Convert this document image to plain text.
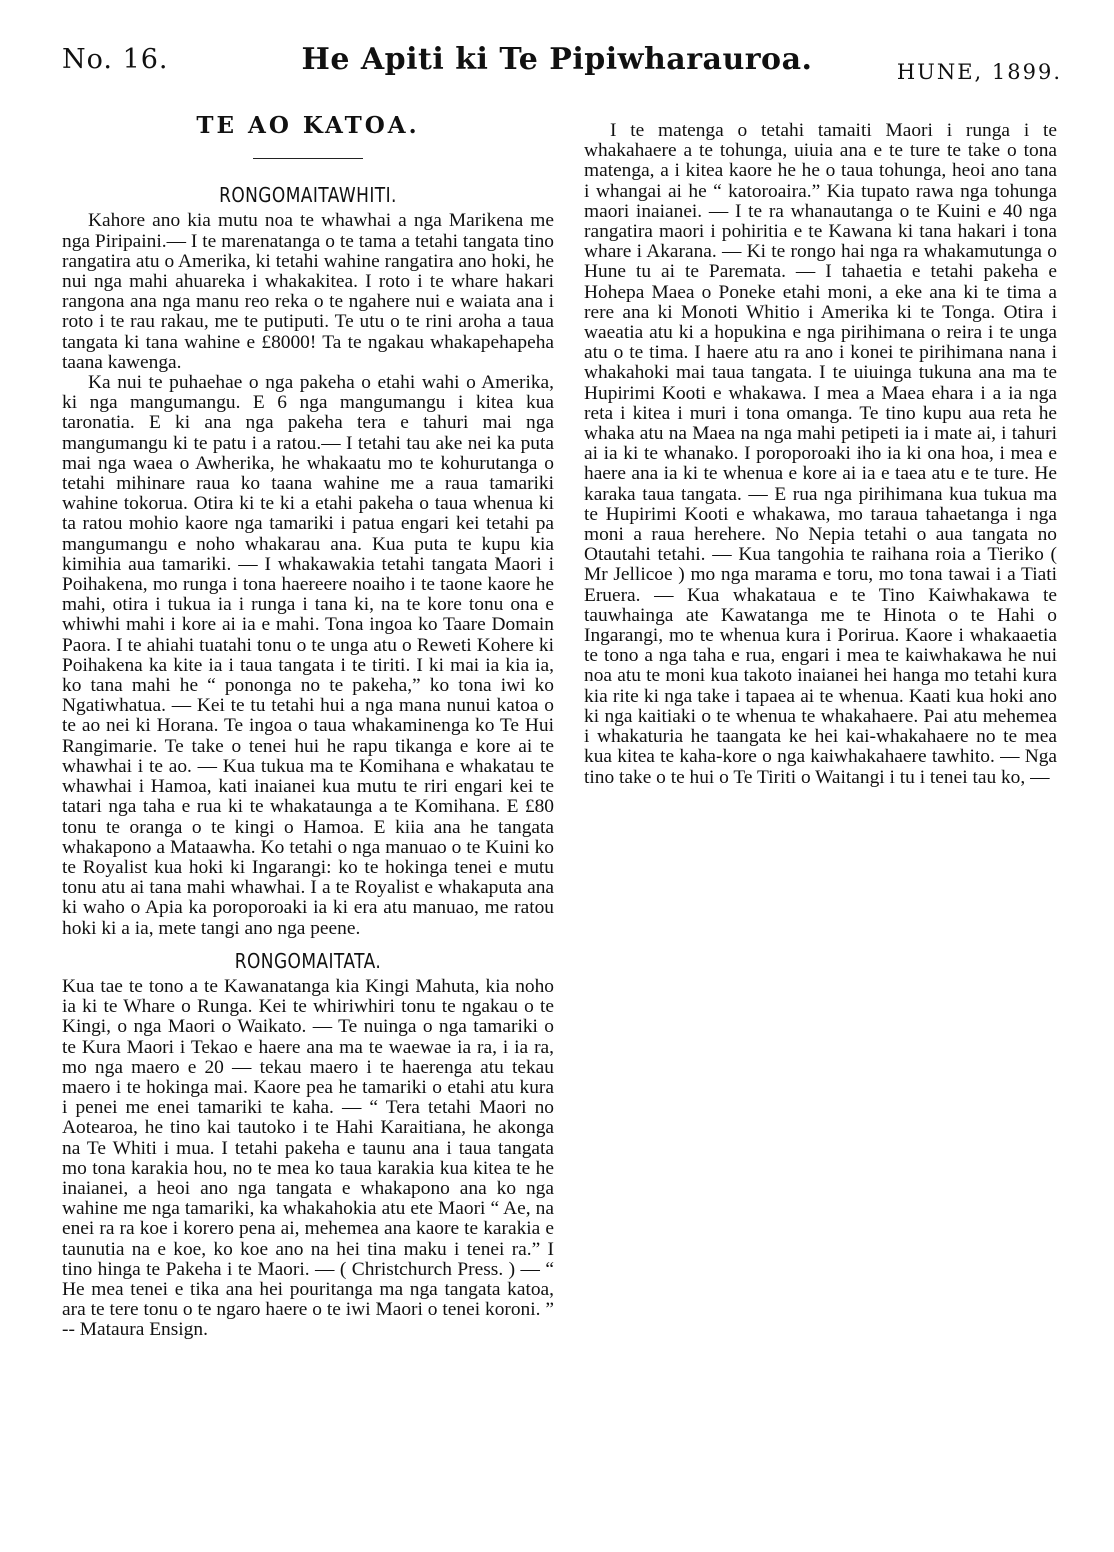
No. 16.	He Apiti ki Te Pipiwharauroa.	HUNE, 1899.
TE AO KATOA.
RONGOMAITAWHITI.

Kahore ano kia mutu noa te whawhai a nga Marikena me nga Piripaini.— I te marenatanga o te tama a tetahi tangata tino rangatira atu o Amerika, ki tetahi wahine rangatira ano hoki, he nui nga mahi ahuareka i whakakitea. I roto i te whare hakari rangona ana nga manu reo reka o te ngahere nui e waiata ana i roto i te rau rakau, me te putiputi. Te utu o te rini aroha a taua tangata ki tana wahine e £8000! Ta te ngakau whakapehapeha taana kawenga.

Ka nui te puhaehae o nga pakeha o etahi wahi o Amerika, ki nga mangumangu. E 6 nga mangumangu i kitea kua taronatia. E ki ana nga pakeha tera e tahuri mai nga mangumangu ki te patu i a ratou.— I tetahi tau ake nei ka puta mai nga waea o Awherika, he whakaatu mo te kohurutanga o tetahi mihinare raua ko taana wahine me a raua tamariki wahine tokorua. Otira ki te ki a etahi pakeha o taua whenua ki ta ratou mohio kaore nga tamariki i patua engari kei tetahi pa mangumangu e noho whakarau ana. Kua puta te kupu kia kimihia aua tamariki. — I whakawakia tetahi tangata Maori i Poihakena, mo runga i tona haereere noaiho i te taone kaore he mahi, otira i tukua ia i runga i tana ki, na te kore tonu ona e whiwhi mahi i kore ai ia e mahi. Tona ingoa ko Taare Domain Paora. I te ahiahi tuatahi tonu o te unga atu o Reweti Kohere ki Poihakena ka kite ia i taua tangata i te tiriti. I ki mai ia kia ia, ko tana mahi he “ pononga no te pakeha,” ko tona iwi ko Ngatiwhatua. — Kei te tu tetahi hui a nga mana nunui katoa o te ao nei ki Horana. Te ingoa o taua whakaminenga ko Te Hui Rangimarie. Te take o tenei hui he rapu tikanga e kore ai te whawhai i te ao. — Kua tukua ma te Komihana e whakatau te whawhai i Hamoa, kati inaianei kua mutu te riri engari kei te tatari nga taha e rua ki te whakataunga a te Komihana. E £80 tonu te oranga o te kingi o Hamoa. E kiia ana he tangata whakapono a Mataawha. Ko tetahi o nga manuao o te Kuini ko te Royalist kua hoki ki Ingarangi: ko te hokinga tenei e mutu tonu atu ai tana mahi whawhai. I a te Royalist e whakaputa ana ki waho o Apia ka poroporoaki ia ki era atu manuao, me ratou hoki ki a ia, mete tangi ano nga peene.

RONGOMAITATA.

Kua tae te tono a te Kawanatanga kia Kingi Mahuta, kia noho ia ki te Whare o Runga. Kei te whiriwhiri tonu te ngakau o te Kingi, o nga Maori o Waikato. — Te nuinga o nga tamariki o te Kura Maori i Tekao e haere ana ma te waewae ia ra, i ia ra, mo nga maero e 20 — tekau maero i te haerenga atu tekau maero i te hokinga mai. Kaore pea he tamariki o etahi atu kura i penei me enei tamariki te kaha. — “ Tera tetahi Maori no Aotearoa, he tino kai tautoko i te Hahi Karaitiana, he akonga na Te Whiti i mua. I tetahi pakeha e taunu ana i taua tangata mo tona karakia hou, no te mea ko taua karakia kua kitea te he inaianei, a heoi ano nga tangata e whakapono ana ko nga wahine me nga tamariki, ka whakahokia atu ete Maori “ Ae, na enei ra ra koe i korero pena ai, mehemea ana kaore te karakia e taunutia na e koe, ko koe ano na hei tina maku i tenei ra.” I tino hinga te Pakeha i te Maori. — ( Christchurch Press. ) — “ He mea tenei e tika ana hei pouritanga ma nga tangata katoa, ara te tere tonu o te ngaro haere o te iwi Maori o tenei koroni. ” -- Mataura Ensign.

I te matenga o tetahi tamaiti Maori i runga i te whakahaere a te tohunga, uiuia ana e te ture te take o tona matenga, a i kitea kaore he he o taua tohunga, heoi ano tana i whangai ai he “ katoroaira.” Kia tupato rawa nga tohunga maori inaianei. — I te ra whanautanga o te Kuini e 40 nga rangatira maori i pohiritia e te Kawana ki tana hakari i tona whare i Akarana. — Ki te rongo hai nga ra whakamutunga o Hune tu ai te Paremata. — I tahaetia e tetahi pakeha e Hohepa Maea o Poneke etahi moni, a eke ana ki te tima a rere ana ki Monoti Whitio i Amerika ki te Tonga. Otira i waeatia atu ki a hopukina e nga pirihimana o reira i te unga atu o te tima. I haere atu ra ano i konei te pirihimana nana i whakahoki mai taua tangata. I te uiuinga tukuna ana ma te Hupirimi Kooti e whakawa. I mea a Maea ehara i a ia nga reta i kitea i muri i tona omanga. Te tino kupu aua reta he whaka atu na Maea na nga mahi petipeti ia i mate ai, i tahuri ai ia ki te whanako. I poroporoaki iho ia ki ona hoa, i mea e haere ana ia ki te whenua e kore ai ia e taea atu e te ture. He karaka taua tangata. — E rua nga pirihimana kua tukua ma te Hupirimi Kooti e whakawa, mo taraua tahaetanga i nga moni a raua herehere. No Nepia tetahi o aua tangata no Otautahi tetahi. — Kua tangohia te raihana roia a Tieriko ( Mr Jellicoe ) mo nga marama e toru, mo tona tawai i a Tiati Eruera. — Kua whakataua e te Tino Kaiwhakawa te tauwhainga ate Kawatanga me te Hinota o te Hahi o Ingarangi, mo te whenua kura i Porirua. Kaore i whakaaetia te tono a nga taha e rua, engari i mea te kaiwhakawa he nui noa atu te moni kua takoto inaianei hei hanga mo tetahi kura kia rite ki nga take i tapaea ai te whenua. Kaati kua hoki ano ki nga kaitiaki o te whenua te whakahaere. Pai atu mehemea i whakaturia he taangata ke hei kai-whakahaere no te mea kua kitea te kaha-kore o nga kaiwhakahaere tawhito. — Nga tino take o te hui o Te Tiriti o Waitangi i tu i tenei tau ko, —
